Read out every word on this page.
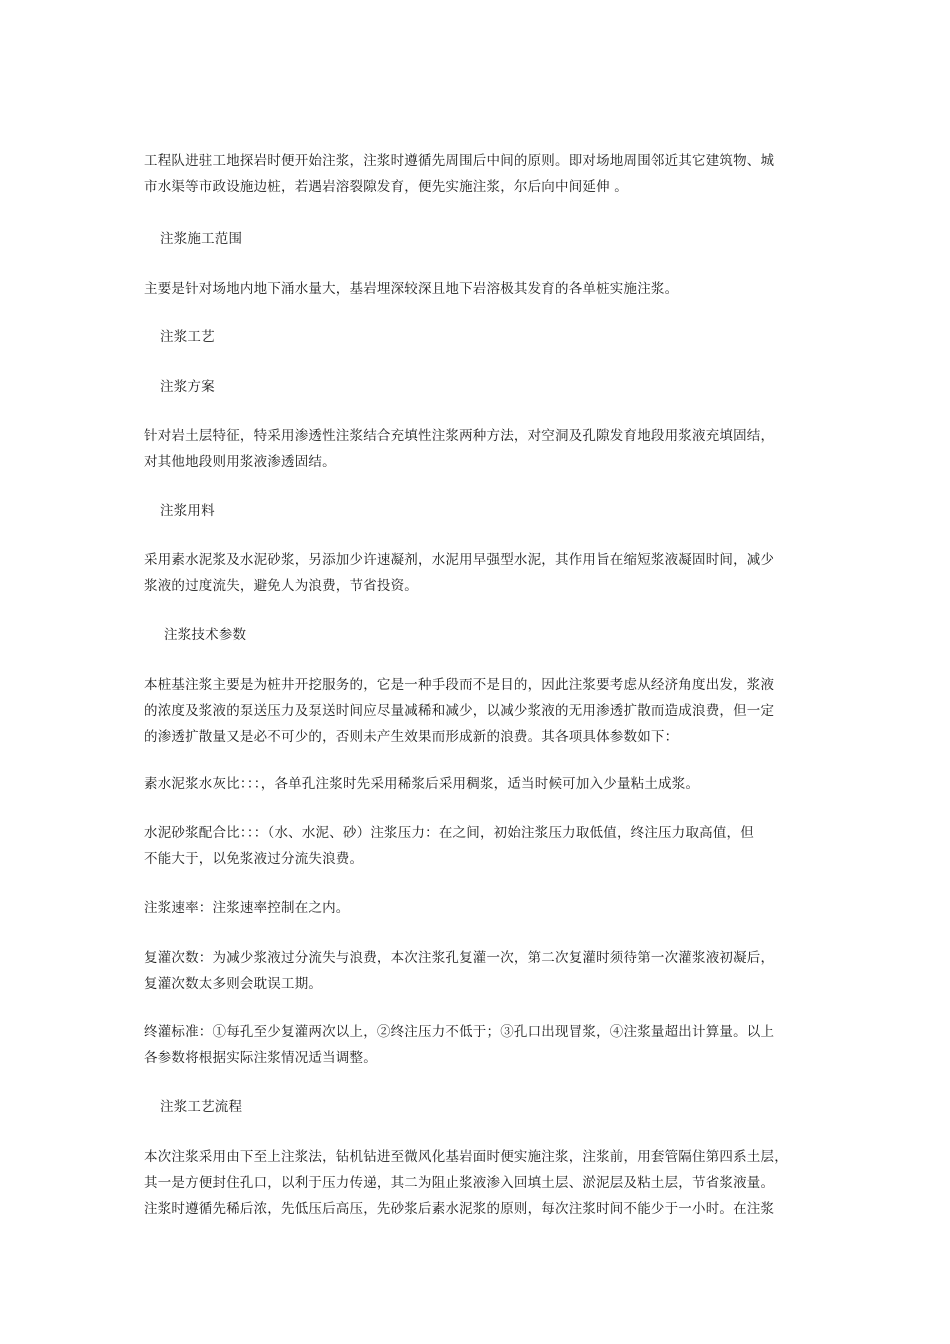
工程队进驻工地探岩时便开始注浆，注浆时遵循先周围后中间的原则。即对场地周围邻近其它建筑物、城
市水渠等市政设施边桩，若遇岩溶裂隙发育，便先实施注浆，尔后向中间延伸 。

注浆施工范围

主要是针对场地内地下涌水量大，基岩埋深较深且地下岩溶极其发育的各单桩实施注浆。

注浆工艺

注浆方案

针对岩土层特征，特采用渗透性注浆结合充填性注浆两种方法，对空洞及孔隙发育地段用浆液充填固结，
对其他地段则用浆液渗透固结。

注浆用料

采用素水泥浆及水泥砂浆，另添加少许速凝剂，水泥用早强型水泥，其作用旨在缩短浆液凝固时间，减少
浆液的过度流失，避免人为浪费，节省投资。

注浆技术参数

本桩基注浆主要是为桩井开挖服务的，它是一种手段而不是目的，因此注浆要考虑从经济角度出发，浆液
的浓度及浆液的泵送压力及泵送时间应尽量减稀和减少，以减少浆液的无用渗透扩散而造成浪费，但一定
的渗透扩散量又是必不可少的，否则未产生效果而形成新的浪费。其各项具体参数如下：

素水泥浆水灰比：：：，各单孔注浆时先采用稀浆后采用稠浆，适当时候可加入少量粘土成浆。

水泥砂浆配合比：：：（水、水泥、砂）注浆压力：在之间，初始注浆压力取低值，终注压力取高值，但
不能大于，以免浆液过分流失浪费。

注浆速率：注浆速率控制在之内。

复灌次数：为减少浆液过分流失与浪费，本次注浆孔复灌一次，第二次复灌时须待第一次灌浆液初凝后，
复灌次数太多则会耽误工期。

终灌标准：①每孔至少复灌两次以上，②终注压力不低于；③孔口出现冒浆，④注浆量超出计算量。以上
各参数将根据实际注浆情况适当调整。

注浆工艺流程

本次注浆采用由下至上注浆法，钻机钻进至微风化基岩面时便实施注浆，注浆前，用套管隔住第四系土层，
其一是方便封住孔口，以利于压力传递，其二为阻止浆液渗入回填土层、淤泥层及粘土层，节省浆液量。
注浆时遵循先稀后浓，先低压后高压，先砂浆后素水泥浆的原则，每次注浆时间不能少于一小时。在注浆
